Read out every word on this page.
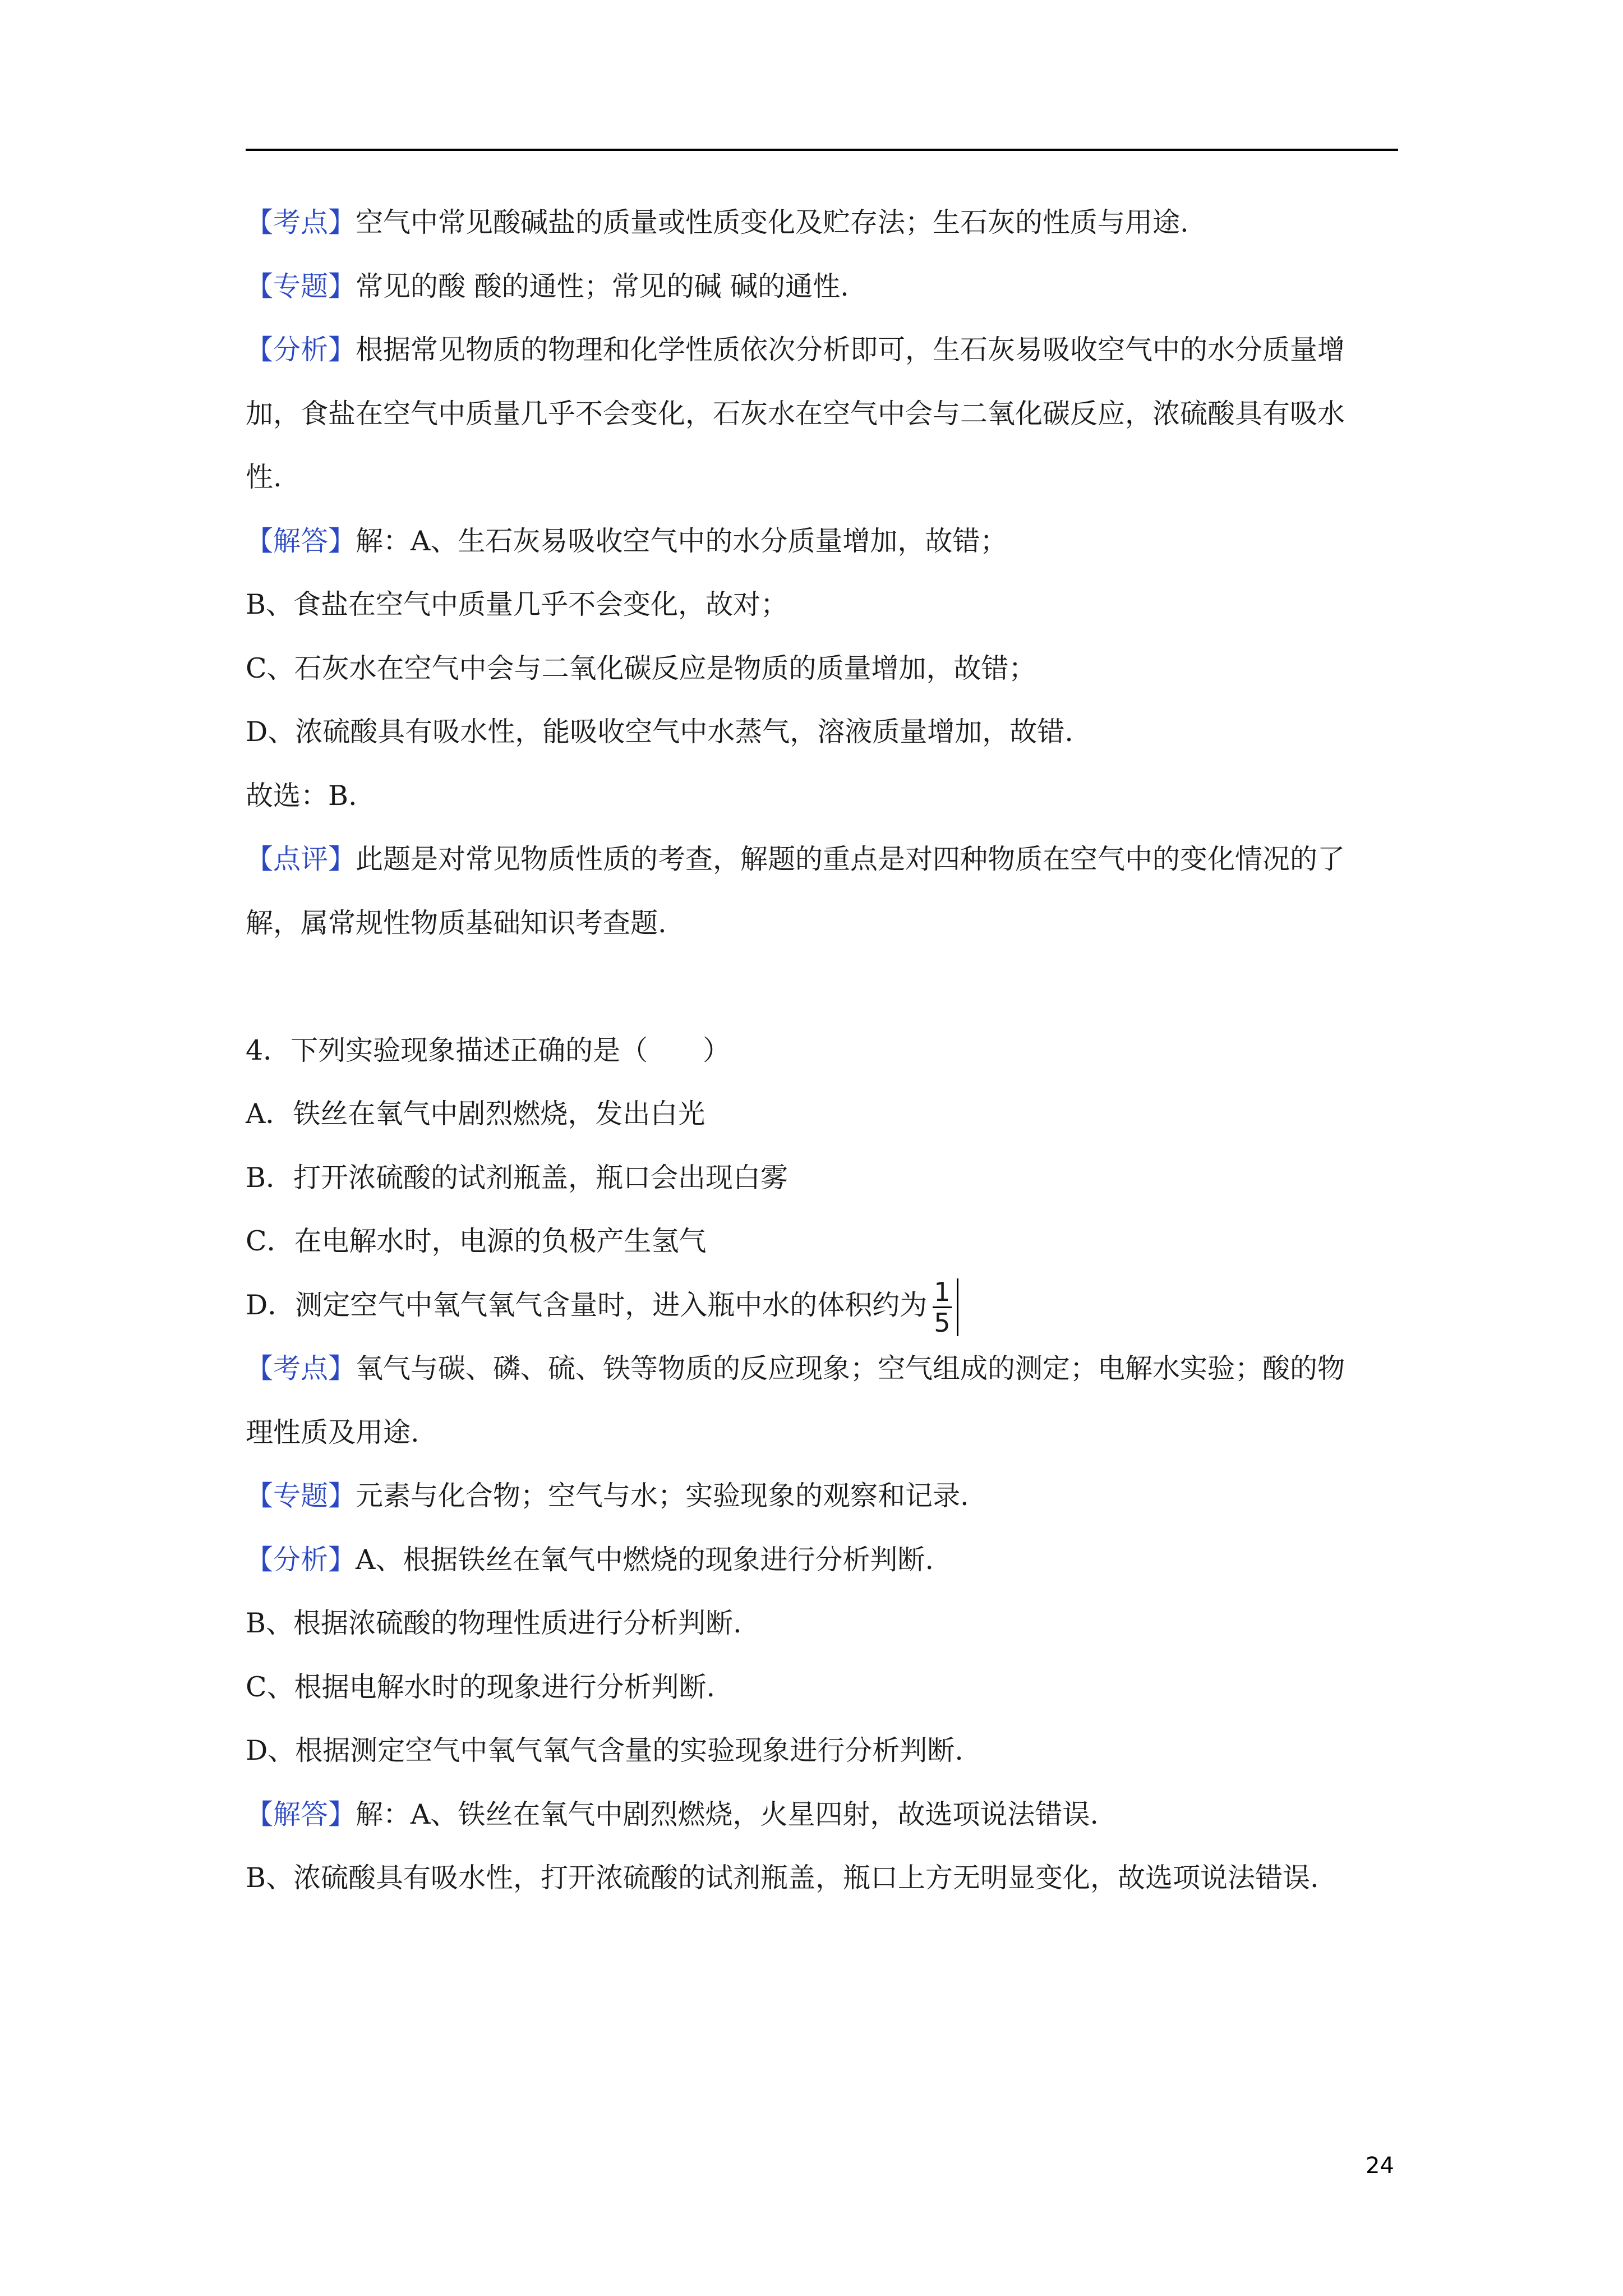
【考点】空气中常见酸碱盐的质量或性质变化及贮存法；生石灰的性质与用途.
【专题】常见的酸 酸的通性；常见的碱 碱的通性.
【分析】根据常见物质的物理和化学性质依次分析即可，生石灰易吸收空气中的水分质量增
加，食盐在空气中质量几乎不会变化，石灰水在空气中会与二氧化碳反应，浓硫酸具有吸水
性.
【解答】解：A、生石灰易吸收空气中的水分质量增加，故错；
B、食盐在空气中质量几乎不会变化，故对；
C、石灰水在空气中会与二氧化碳反应是物质的质量增加，故错；
D、浓硫酸具有吸水性，能吸收空气中水蒸气，溶液质量增加，故错.
故选：B.
【点评】此题是对常见物质性质的考查，解题的重点是对四种物质在空气中的变化情况的了
解，属常规性物质基础知识考查题.
4．下列实验现象描述正确的是（　　）
A．铁丝在氧气中剧烈燃烧，发出白光
B．打开浓硫酸的试剂瓶盖，瓶口会出现白雾
C．在电解水时，电源的负极产生氢气
D．测定空气中氧气氧气含量时，进入瓶中水的体积约为 $\frac{1}{5}$
【考点】氧气与碳、磷、硫、铁等物质的反应现象；空气组成的测定；电解水实验；酸的物
理性质及用途.
【专题】元素与化合物；空气与水；实验现象的观察和记录.
【分析】A、根据铁丝在氧气中燃烧的现象进行分析判断.
B、根据浓硫酸的物理性质进行分析判断.
C、根据电解水时的现象进行分析判断.
D、根据测定空气中氧气氧气含量的实验现象进行分析判断.
【解答】解：A、铁丝在氧气中剧烈燃烧，火星四射，故选项说法错误.
B、浓硫酸具有吸水性，打开浓硫酸的试剂瓶盖，瓶口上方无明显变化，故选项说法错误.
24
